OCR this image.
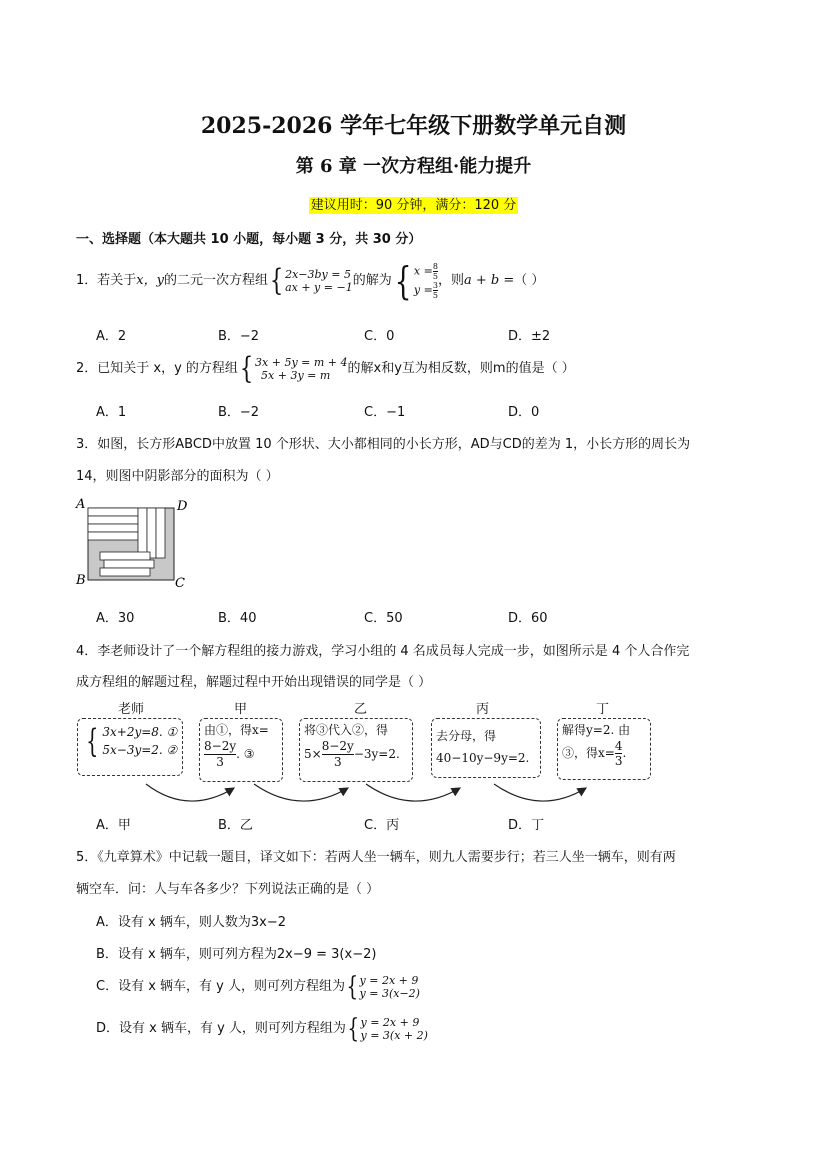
2025-2026 学年七年级下册数学单元自测
第 6 章 一次方程组·能力提升
建议用时：90 分钟，满分：120 分
一、选择题（本大题共 10 小题，每小题 3 分，共 30 分）
1．若关于x，y的二元一次方程组{ 2x−3by = 5
ax + y = −1 的解为{ $x = \frac{8}{5}$
$y = \frac{3}{5}$ ，则a + b =（ ）
A．2	B．−2	C．0	D．±2
2．已知关于 x，y 的方程组{ 3x + 5y = m + 4
5x + 3y = m	的解x和y互为相反数，则m的值是（ ）
A．1	B．−2	C．−1	D．0
3．如图，长方形ABCD中放置 10 个形状、大小都相同的小长方形，AD与CD的差为 1，小长方形的周长为
14，则图中阴影部分的面积为（ ）
A	D
B	C
A．30	B．40	C．50	D．60
4．李老师设计了一个解方程组的接力游戏，学习小组的 4 名成员每人完成一步，如图所示是 4 个人合作完
成方程组的解题过程，解题过程中开始出现错误的同学是（ ）
老师	甲	乙	丙	丁
{ 3x+2y=8. ①
5x−3y=2. ②
由①，得x=
$\frac{8-2y}{3}$ . ③
将③代入②，得
$5\times \frac{8-2y}{3} -3y=2$.
去分母，得
40−10y−9y=2.
解得y=2. 由
③，得$x= \frac{4}{3}$ .
A．甲	B．乙	C．丙	D．丁
5．《九章算术》中记载一题目，译文如下：若两人坐一辆车，则九人需要步行；若三人坐一辆车，则有两
辆空车．问：人与车各多少？下列说法正确的是（ ）
A．设有 x 辆车，则人数为3x−2
B．设有 x 辆车，则可列方程为2x−9 = 3(x−2)
C．设有 x 辆车，有 y 人，则可列方程组为{ y = 2x + 9
y = 3(x−2)
D．设有 x 辆车，有 y 人，则可列方程组为{ y = 2x + 9
y = 3(x + 2)
